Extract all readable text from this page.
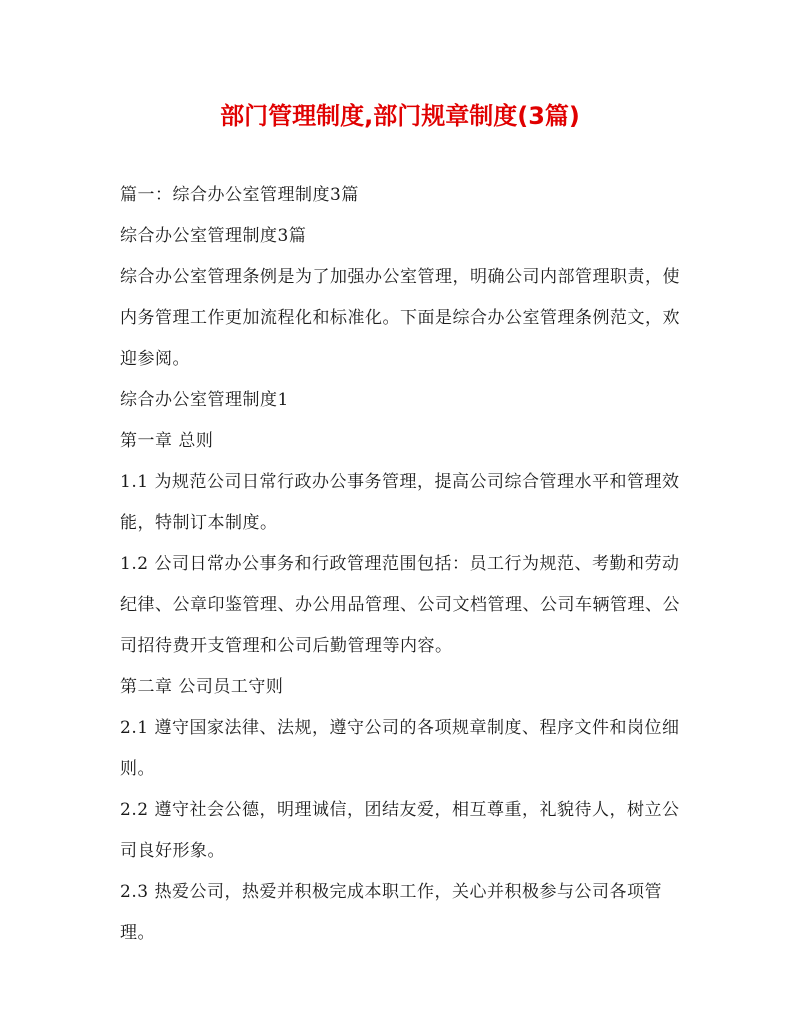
部门管理制度,部门规章制度(3篇)

篇一：综合办公室管理制度3篇

综合办公室管理制度3篇

综合办公室管理条例是为了加强办公室管理，明确公司内部管理职责，使内务管理工作更加流程化和标准化。下面是综合办公室管理条例范文，欢迎参阅。

综合办公室管理制度1

第一章 总则

1.1 为规范公司日常行政办公事务管理，提高公司综合管理水平和管理效能，特制订本制度。

1.2 公司日常办公事务和行政管理范围包括：员工行为规范、考勤和劳动纪律、公章印鉴管理、办公用品管理、公司文档管理、公司车辆管理、公司招待费开支管理和公司后勤管理等内容。

第二章 公司员工守则

2.1 遵守国家法律、法规，遵守公司的各项规章制度、程序文件和岗位细则。

2.2 遵守社会公德，明理诚信，团结友爱，相互尊重，礼貌待人，树立公司良好形象。

2.3 热爱公司，热爱并积极完成本职工作，关心并积极参与公司各项管理。
